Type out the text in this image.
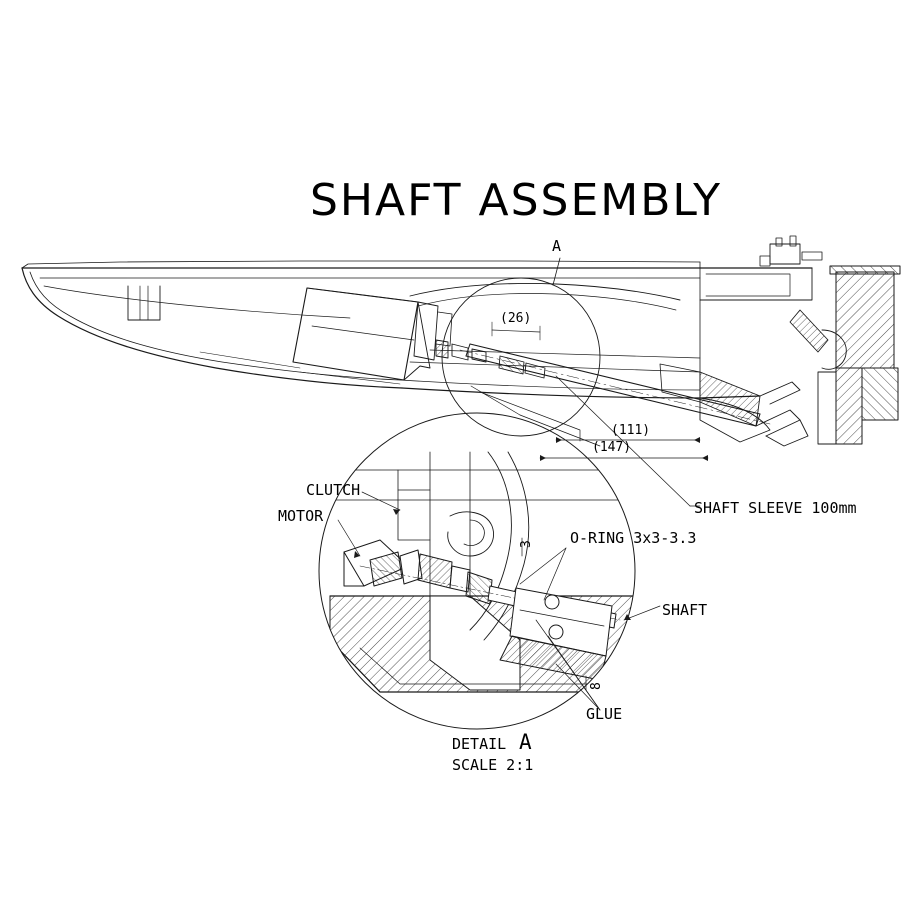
SHAFT ASSEMBLY
A
(26)
(111)
(147)
SHAFT SLEEVE 100mm
CLUTCH
MOTOR
O-RING 3x3-3.3
SHAFT
GLUE
3
8
DETAIL A
SCALE 2:1
